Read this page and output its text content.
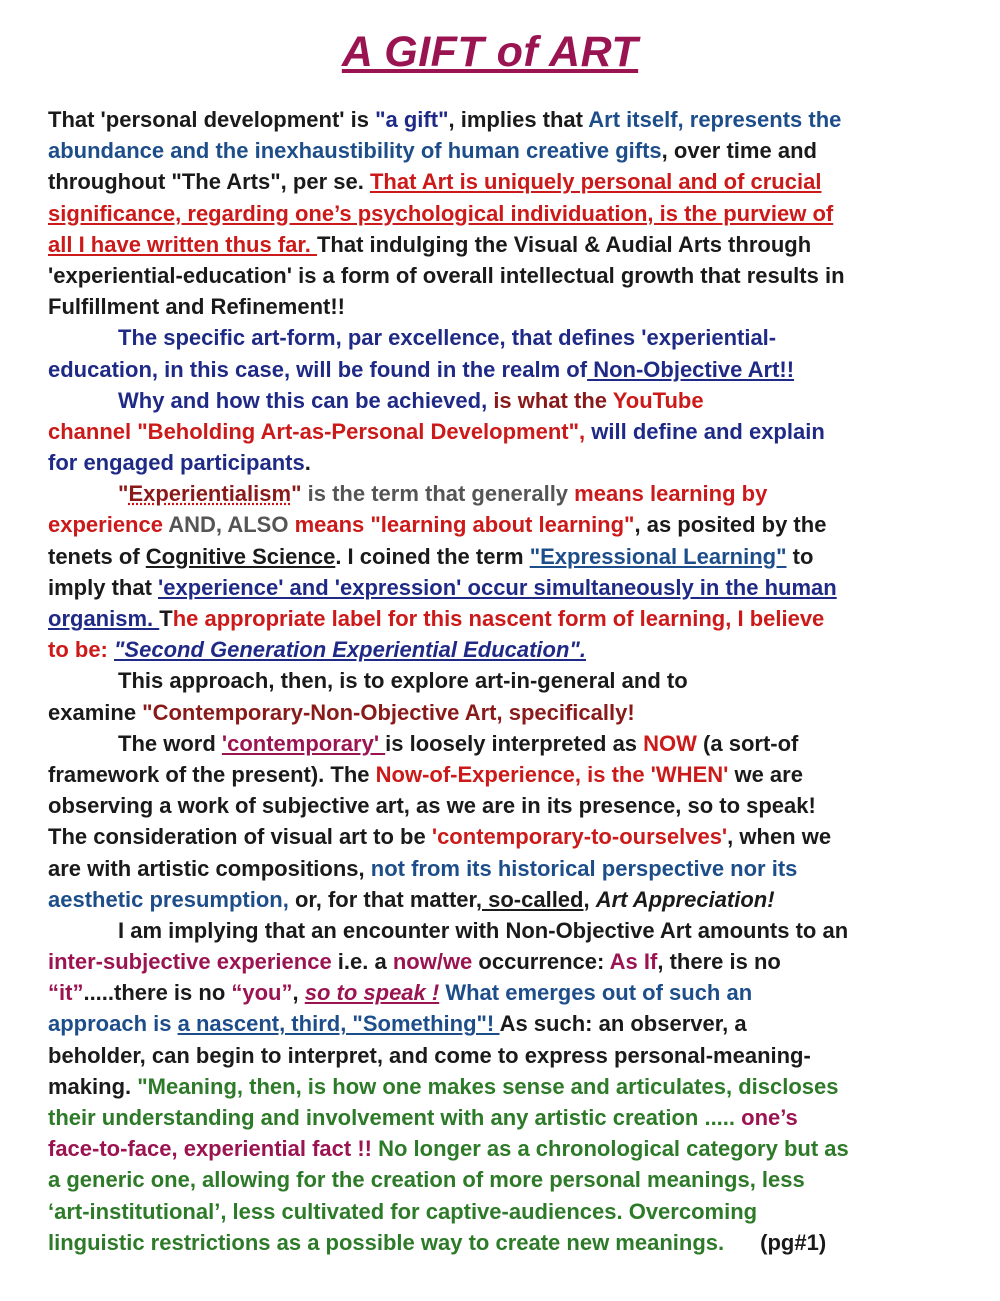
A GIFT of ART
That 'personal development' is "a gift", implies that Art itself, represents the
abundance and the inexhaustibility of human creative gifts, over time and
throughout "The Arts", per se. That Art is uniquely personal and of crucial
significance, regarding one’s psychological individuation, is the purview of
all I have written thus far. That indulging the Visual & Audial Arts through
'experiential-education' is a form of overall intellectual growth that results in
Fulfillment and Refinement!!
The specific art-form, par excellence, that defines 'experiential-
education, in this case, will be found in the realm of Non-Objective Art!!
Why and how this can be achieved, is what the YouTube
channel "Beholding Art-as-Personal Development", will define and explain
for engaged participants.
"Experientialism" is the term that generally means learning by
experience AND, ALSO means "learning about learning", as posited by the
tenets of Cognitive Science. I coined the term "Expressional Learning" to
imply that 'experience' and 'expression' occur simultaneously in the human
organism. The appropriate label for this nascent form of learning, I believe
to be: "Second Generation Experiential Education".
This approach, then, is to explore art-in-general and to
examine "Contemporary-Non-Objective Art, specifically!
The word 'contemporary' is loosely interpreted as NOW (a sort-of
framework of the present). The Now-of-Experience, is the 'WHEN' we are
observing a work of subjective art, as we are in its presence, so to speak!
The consideration of visual art to be 'contemporary-to-ourselves', when we
are with artistic compositions, not from its historical perspective nor its
aesthetic presumption, or, for that matter, so-called, Art Appreciation!
I am implying that an encounter with Non-Objective Art amounts to an
inter-subjective experience i.e. a now/we occurrence: As If, there is no
“it”.....there is no “you”, so to speak ! What emerges out of such an
approach is a nascent, third, "Something"! As such: an observer, a
beholder, can begin to interpret, and come to express personal-meaning-
making. "Meaning, then, is how one makes sense and articulates, discloses
their understanding and involvement with any artistic creation ..... one’s
face-to-face, experiential fact !! No longer as a chronological category but as
a generic one, allowing for the creation of more personal meanings, less
‘art-institutional’, less cultivated for captive-audiences. Overcoming
linguistic restrictions as a possible way to create new meanings. (pg#1)
